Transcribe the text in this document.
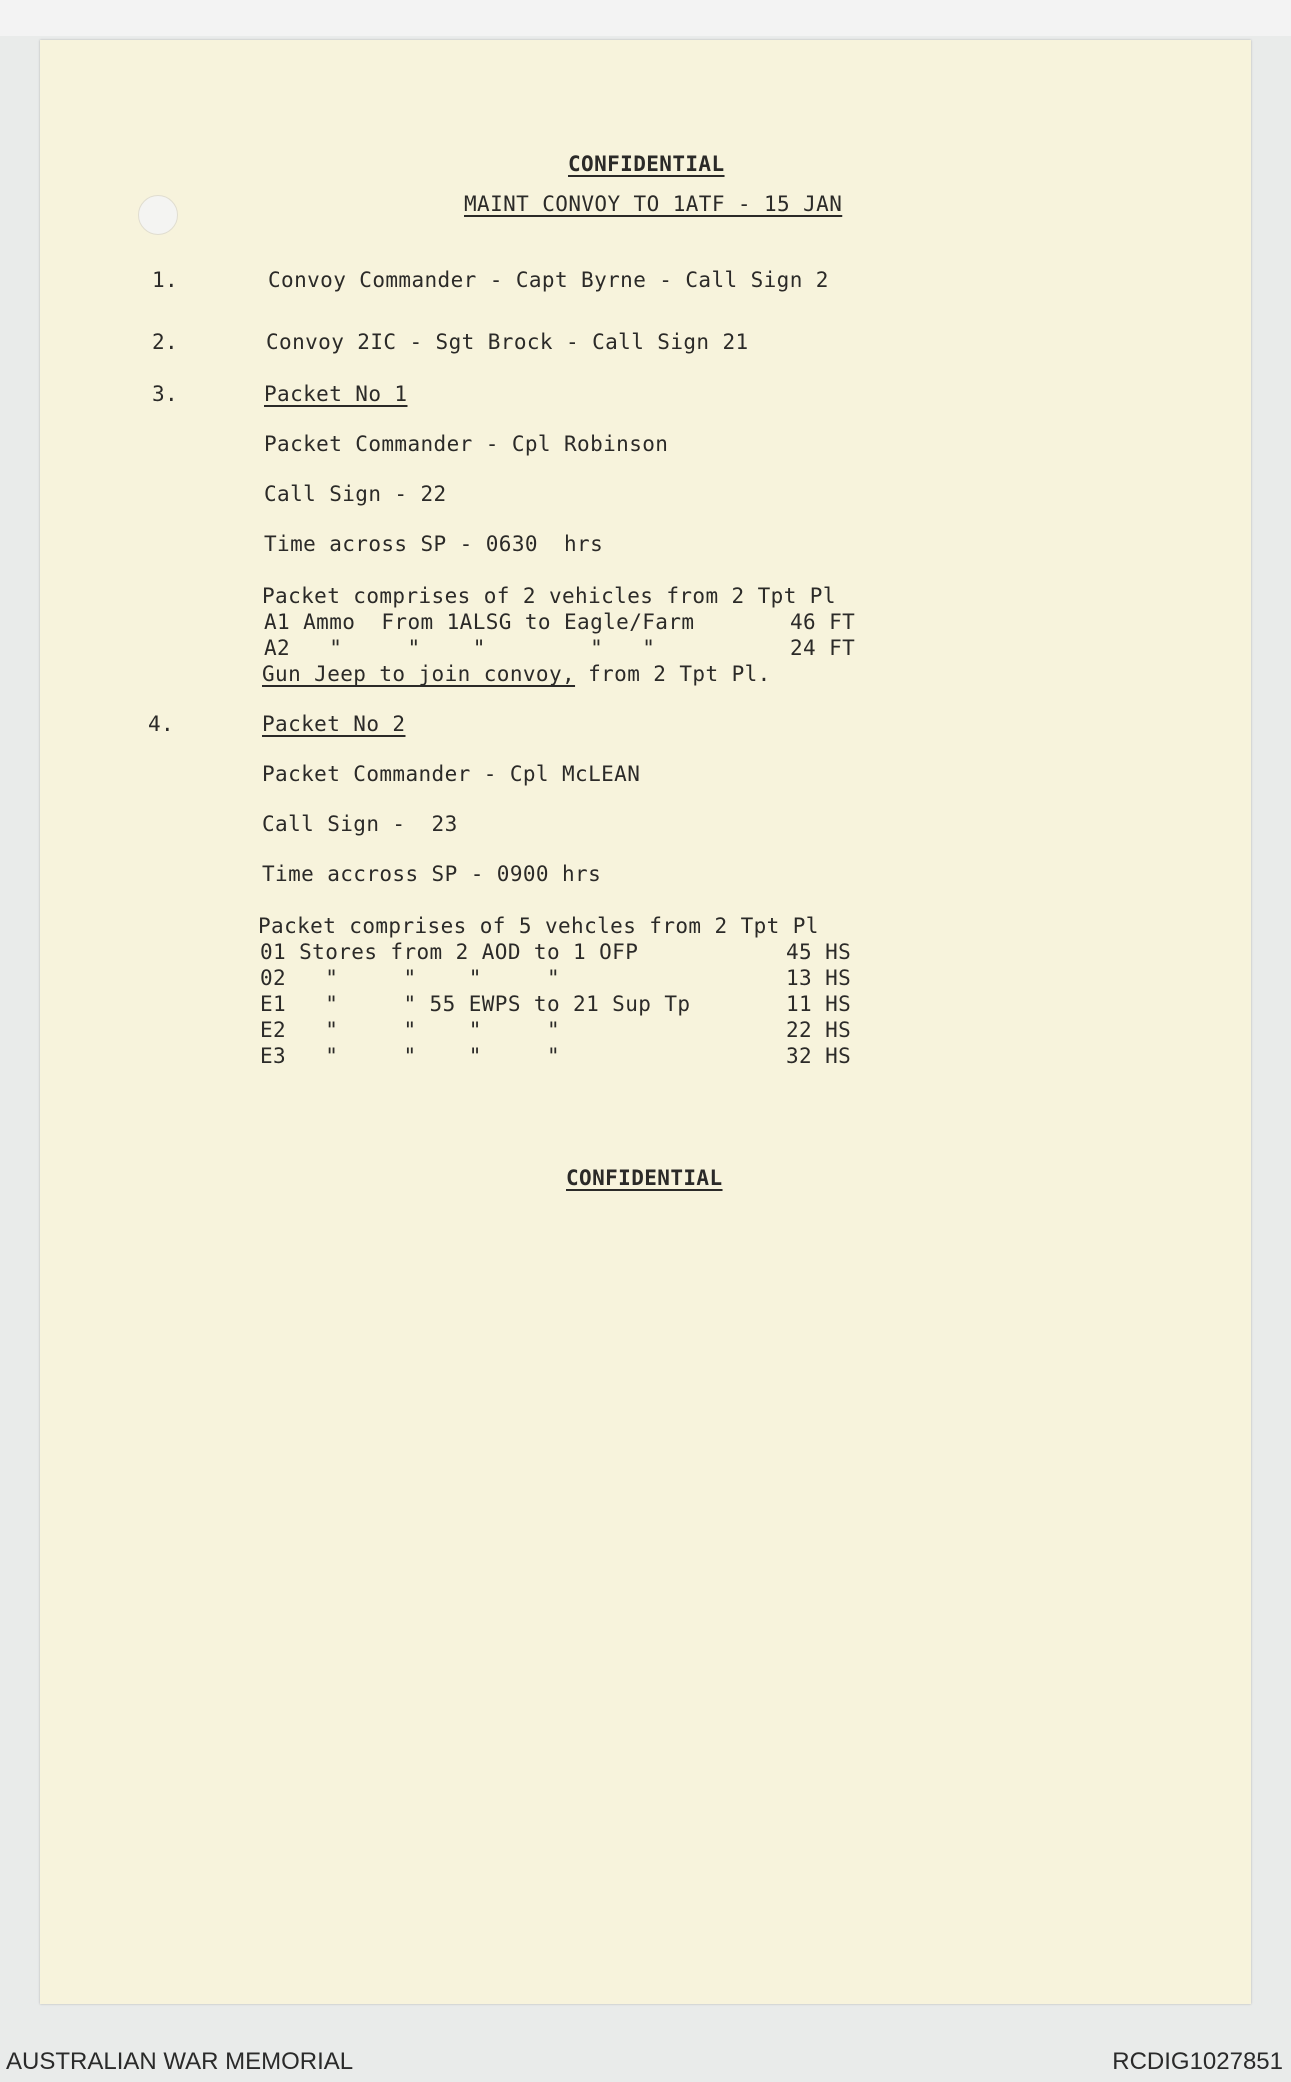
CONFIDENTIAL
MAINT CONVOY TO 1ATF - 15 JAN
1.	Convoy Commander - Capt Byrne - Call Sign 2
2.	Convoy 2IC - Sgt Brock - Call Sign 21
3.	Packet No 1
Packet Commander - Cpl Robinson
Call Sign - 22
Time across SP - 0630  hrs
Packet comprises of 2 vehicles from 2 Tpt Pl
A1 Ammo  From 1ALSG to Eagle/Farm	46 FT
A2   "     "    "        "   "	24 FT
Gun Jeep to join convoy, from 2 Tpt Pl.
4.	Packet No 2
Packet Commander - Cpl McLEAN
Call Sign -  23
Time accross SP - 0900 hrs
Packet comprises of 5 vehcles from 2 Tpt Pl
01 Stores from 2 AOD to 1 OFP	45 HS
02   "     "    "     "	13 HS
E1   "     " 55 EWPS to 21 Sup Tp	11 HS
E2   "     "    "     "	22 HS
E3   "     "    "     "	32 HS
CONFIDENTIAL
AUSTRALIAN WAR MEMORIAL	RCDIG1027851
